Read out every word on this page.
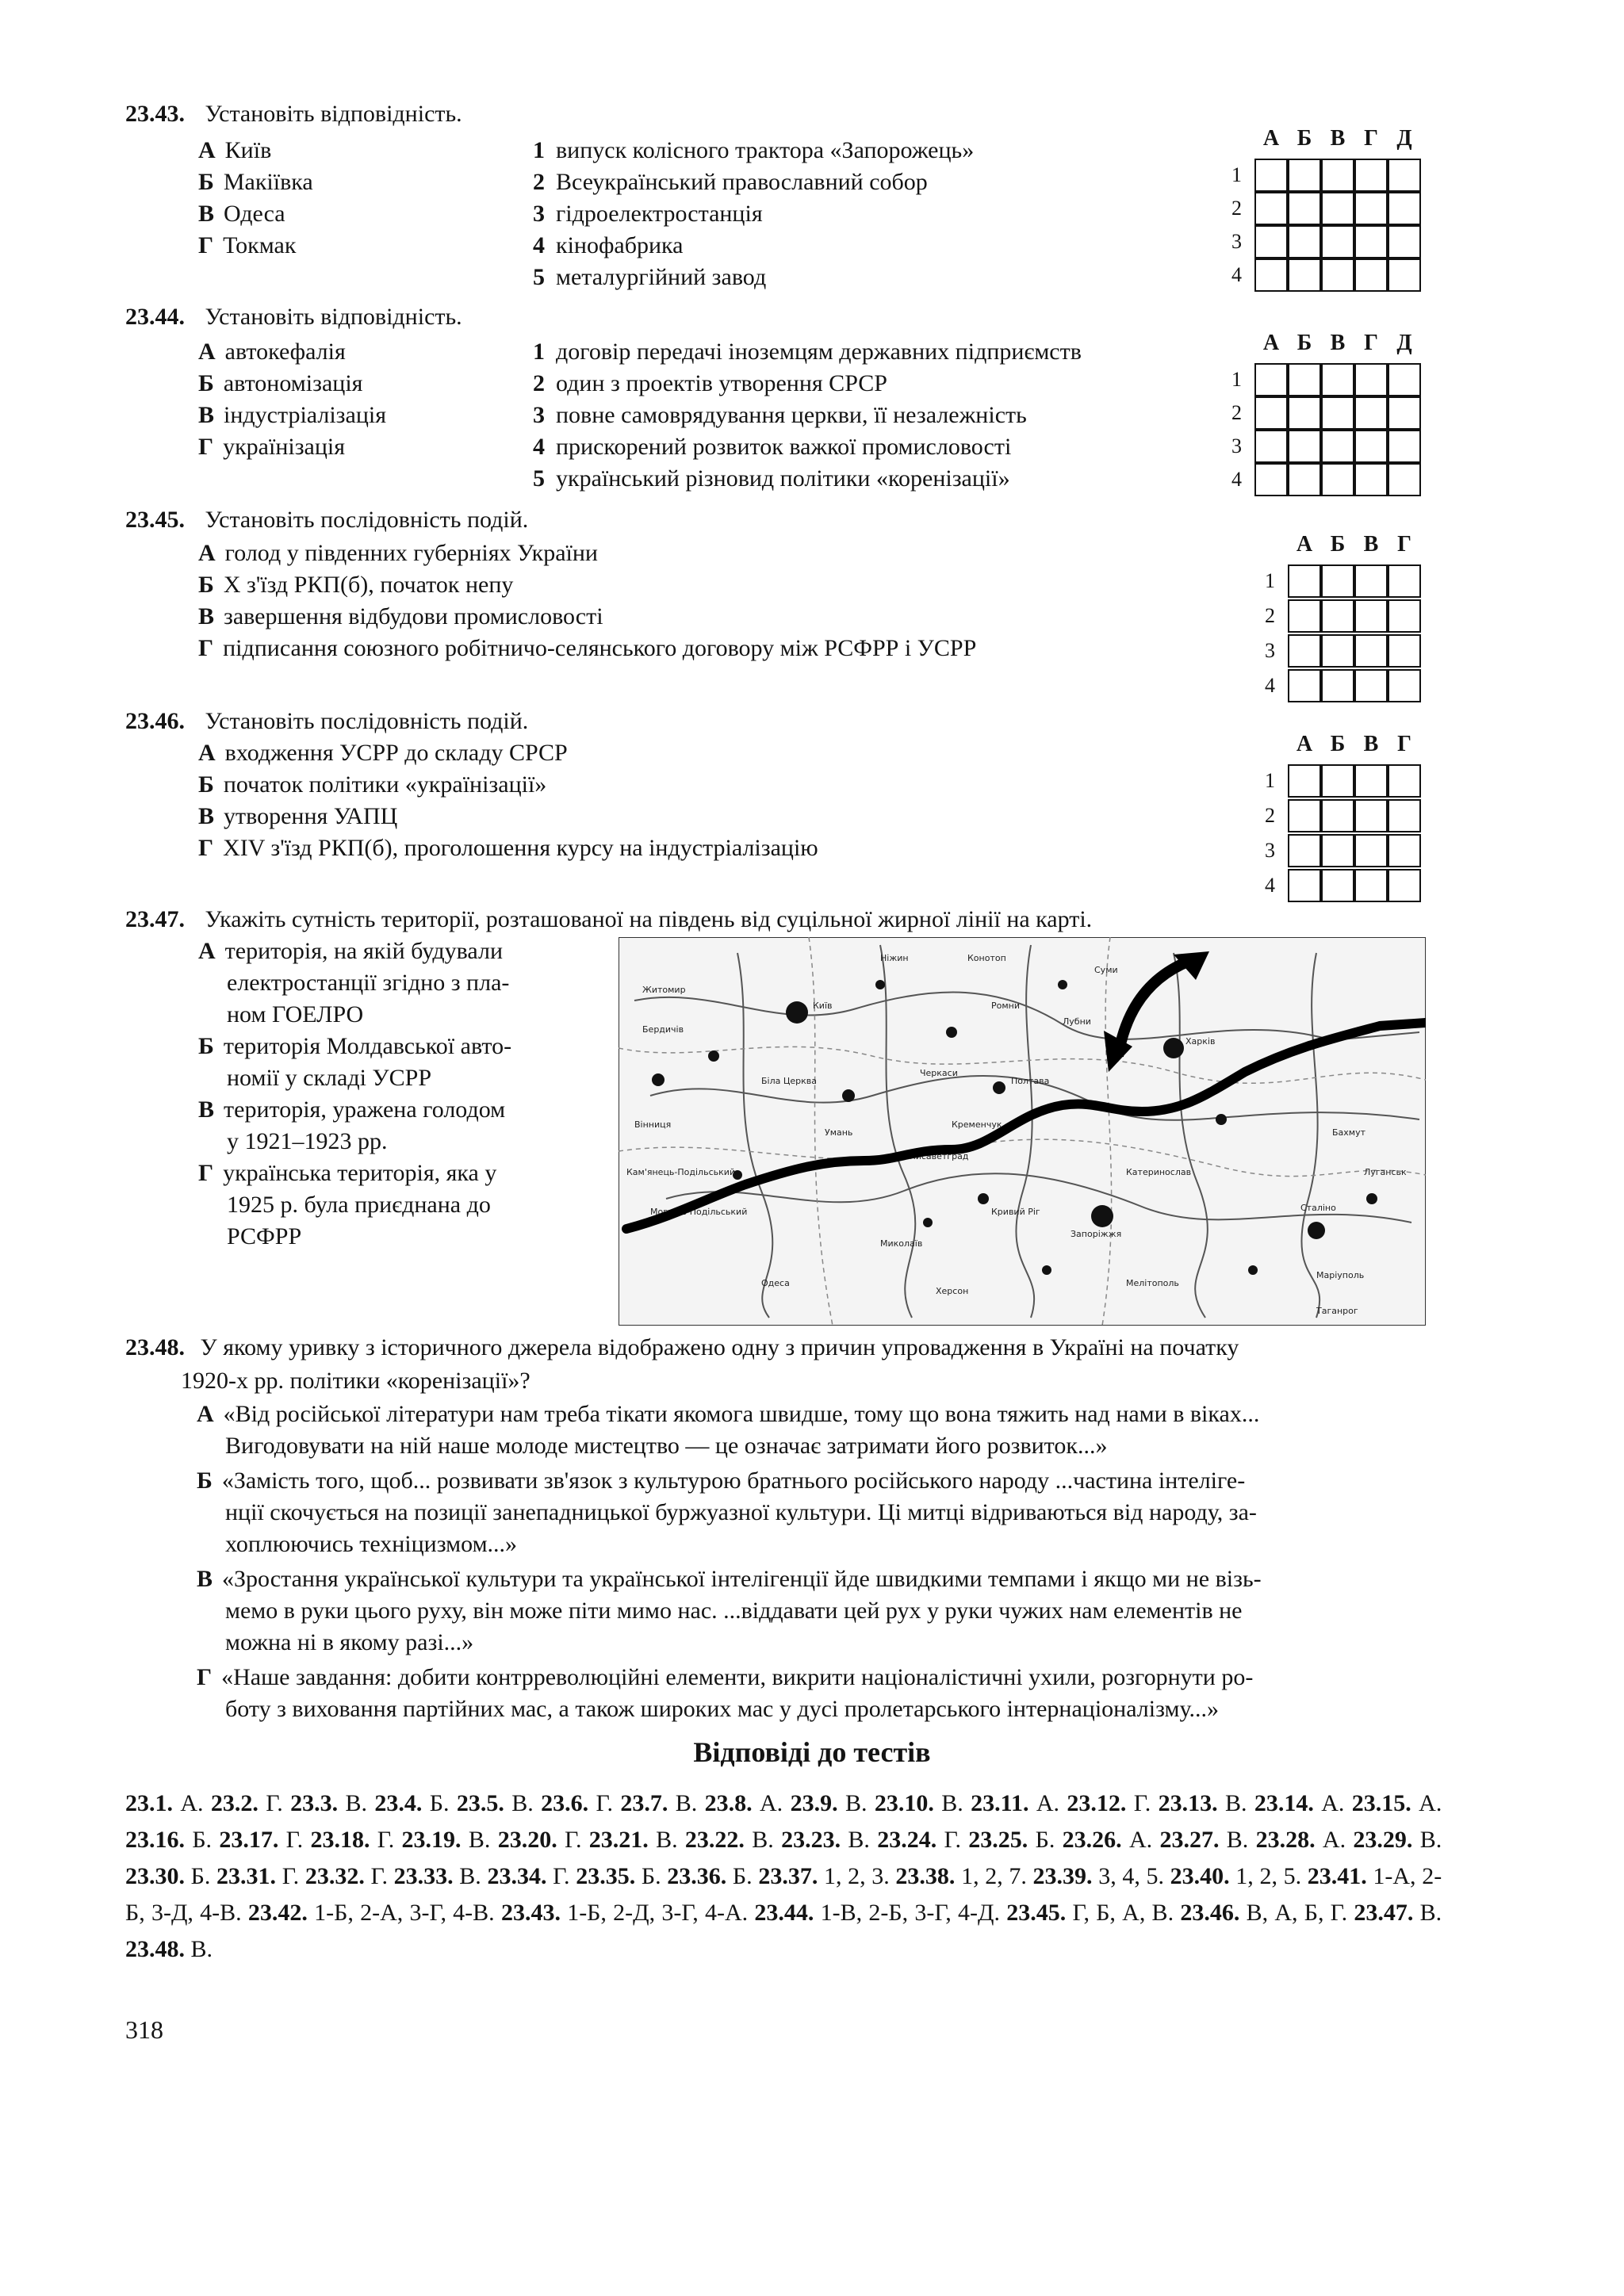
23.43. Установіть відповідність.
А Київ
Б Макіївка
В Одеса
Г Токмак
1 випуск колісного трактора «Запорожець»
2 Всеукраїнський православний собор
3 гідроелектростанція
4 кінофабрика
5 металургійний завод
А Б В Г Д
1
2
3
4
23.44. Установіть відповідність.
А автокефалія
Б автономізація
В індустріалізація
Г українізація
1 договір передачі іноземцям державних підприємств
2 один з проектів утворення СРСР
3 повне самоврядування церкви, її незалежність
4 прискорений розвиток важкої промисловості
5 український різновид політики «коренізації»
А Б В Г Д
1
2
3
4
23.45. Установіть послідовність подій.
А голод у південних губерніях України
Б X з'їзд РКП(б), початок непу
В завершення відбудови промисловості
Г підписання союзного робітничо-селянського договору між РСФРР і УСРР
А Б В Г
1
2
3
4
23.46. Установіть послідовність подій.
А входження УСРР до складу СРСР
Б початок політики «українізації»
В утворення УАПЦ
Г XIV з'їзд РКП(б), проголошення курсу на індустріалізацію
А Б В Г
1
2
3
4
23.47. Укажіть сутність території, розташованої на південь від суцільної жирної лінії на карті.
А територія, на якій будували
електростанції згідно з пла-
ном ГОЕЛРО
Б територія Молдавської авто-
номії у складі УСРР
В територія, уражена голодом
у 1921–1923 рр.
Г українська територія, яка у
1925 р. була приєднана до
РСФРР
Київ
Житомир
Харків
Полтава
Черкаси
Біла Церква
Вінниця	Кременчук
Запоріжжя
Одеса
Миколаїв
Херсон
Маріуполь
Таганрог
Луганськ
Сталіно
Суми
Ромни
Конотоп
Ніжин
Бердичів
Кам'янець-Подільський
Могилів-Подільський
Умань
Єлисаветград
Катеринослав
Кривий Ріг
Мелітополь
Бахмут
Лубни
23.48. У якому уривку з історичного джерела відображено одну з причин упровадження в Україні на початку
1920-х рр. політики «коренізації»?
А «Від російської літератури нам треба тікати якомога швидше, тому що вона тяжить над нами в віках...
Вигодовувати на ній наше молоде мистецтво — це означає затримати його розвиток...»
Б «Замість того, щоб... розвивати зв'язок з культурою братнього російського народу ...частина інтеліге-
нції скочується на позиції занепадницької буржуазної культури. Ці митці відриваються від народу, за-
хоплюючись техніцизмом...»
В «Зростання української культури та української інтелігенції йде швидкими темпами і якщо ми не візь-
мемо в руки цього руху, він може піти мимо нас. ...віддавати цей рух у руки чужих нам елементів не
можна ні в якому разі...»
Г «Наше завдання: добити контрреволюційні елементи, викрити націоналістичні ухили, розгорнути ро-
боту з виховання партійних мас, а також широких мас у дусі пролетарського інтернаціоналізму...»
Відповіді до тестів
23.1. А. 23.2. Г. 23.3. В. 23.4. Б. 23.5. В. 23.6. Г. 23.7. В. 23.8. А. 23.9. В. 23.10. В. 23.11. А. 23.12. Г. 23.13. В. 23.14. А. 23.15. А. 23.16. Б. 23.17. Г. 23.18. Г. 23.19. В. 23.20. Г. 23.21. В. 23.22. В. 23.23. В. 23.24. Г. 23.25. Б. 23.26. А. 23.27. В. 23.28. А. 23.29. В. 23.30. Б. 23.31. Г. 23.32. Г. 23.33. В. 23.34. Г. 23.35. Б. 23.36. Б. 23.37. 1, 2, 3. 23.38. 1, 2, 7. 23.39. 3, 4, 5. 23.40. 1, 2, 5. 23.41. 1-А, 2-Б, 3-Д, 4-В. 23.42. 1-Б, 2-А, 3-Г, 4-В. 23.43. 1-Б, 2-Д, 3-Г, 4-А. 23.44. 1-В, 2-Б, 3-Г, 4-Д. 23.45. Г, Б, А, В. 23.46. В, А, Б, Г. 23.47. В. 23.48. В.
318
